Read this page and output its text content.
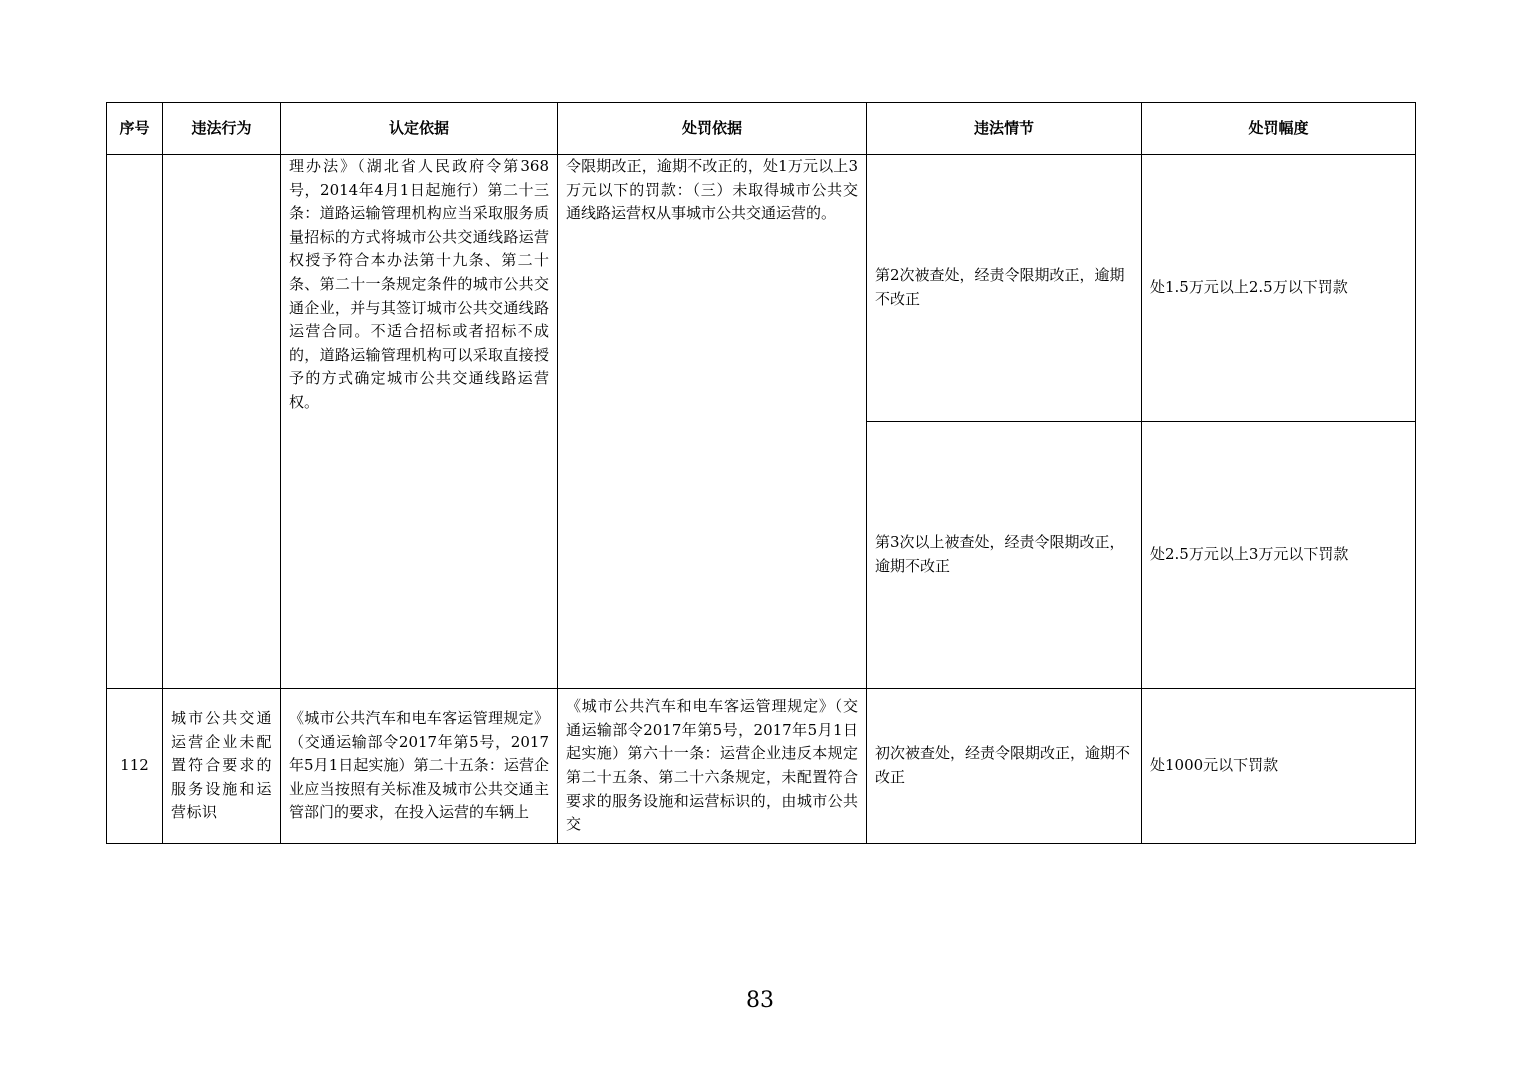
序号	违法行为	认定依据	处罚依据	违法情节	处罚幅度
		理办法》（湖北省人民政府令第368号，2014年4月1日起施行）第二十三条：道路运输管理机构应当采取服务质量招标的方式将城市公共交通线路运营权授予符合本办法第十九条、第二十条、第二十一条规定条件的城市公共交通企业，并与其签订城市公共交通线路运营合同。不适合招标或者招标不成的，道路运输管理机构可以采取直接授予的方式确定城市公共交通线路运营权。	令限期改正，逾期不改正的，处1万元以上3万元以下的罚款：（三）未取得城市公共交通线路运营权从事城市公共交通运营的。	第2次被查处，经责令限期改正，逾期不改正	处1.5万元以上2.5万以下罚款
				第3次以上被查处，经责令限期改正，逾期不改正	处2.5万元以上3万元以下罚款
112	城市公共交通运营企业未配置符合要求的服务设施和运营标识	《城市公共汽车和电车客运管理规定》（交通运输部令2017年第5号，2017年5月1日起实施）第二十五条：运营企业应当按照有关标准及城市公共交通主管部门的要求，在投入运营的车辆上	《城市公共汽车和电车客运管理规定》（交通运输部令2017年第5号，2017年5月1日起实施）第六十一条：运营企业违反本规定第二十五条、第二十六条规定，未配置符合要求的服务设施和运营标识的，由城市公共交	初次被查处，经责令限期改正，逾期不改正	处1000元以下罚款
83
